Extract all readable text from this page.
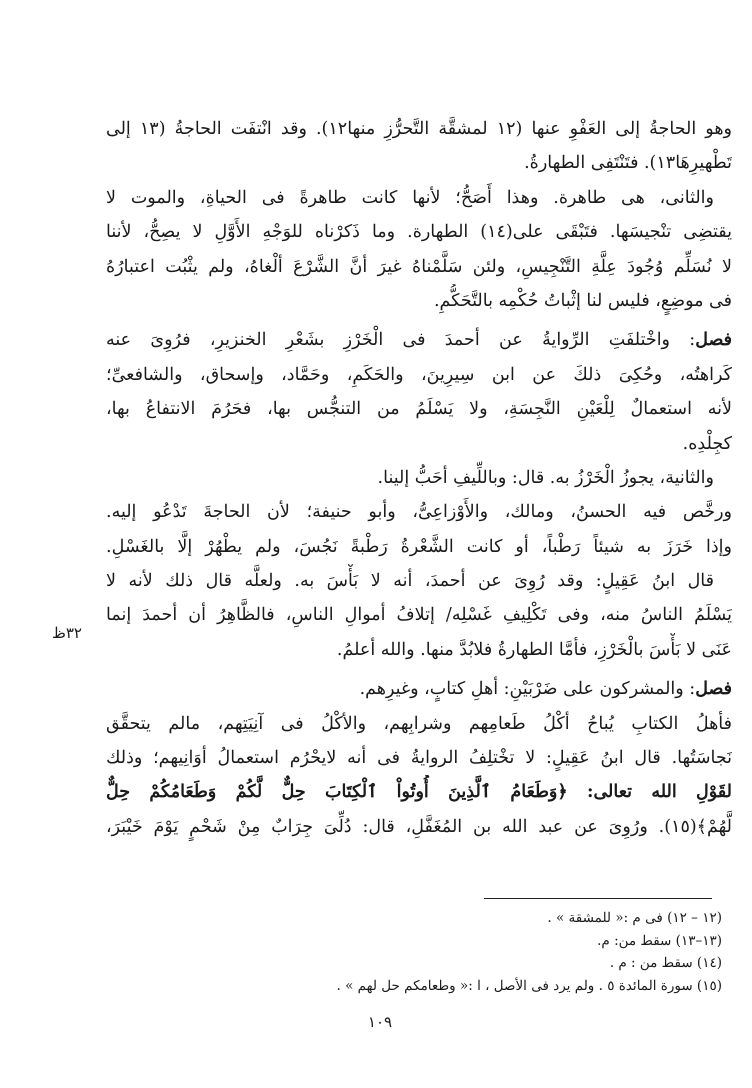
وهو الحاجةُ إلى العَفْوِ عنها (١٢ لمشقَّة التَّحرُّزِ منها١٢). وقد انْتفَت الحاجةُ (١٣ إلى
تَطْهيرِهَا١٣). فتَنْتَفِى الطهارةُ.
والثانى، هى طاهرة. وهذا أَصَحُّ؛ لأنها كانت طاهرةً فى الحياةِ، والموت لا
يقتضِى تنْجيسَها. فتَبْقَى على(١٤) الطهارة. وما ذَكرْناه للوَجْهِ الأَوَّلِ لا يصِحُّ، لأننا
لا نُسَلِّم وُجُودَ عِلَّةِ التَّنْجِيسِ، ولئن سَلَّمْناهُ غيرَ أنَّ الشَّرْعَ ألْغاهُ، ولم يثْبُت اعتبارُهُ
فى موضِعٍ، فليس لنا إثْباتُ حُكْمِه بالتَّحَكُّمِ.
فصل: واخْتلفَتِ الرِّوايةُ عن أحمدَ فى الْخَرْزِ بشَعْرِ الخنزيرِ، فرُوِىَ عنه
كَراهتُه، وحُكِىَ ذلكَ عن ابن سِيرِينَ، والحَكَمِ، وحَمَّاد، وإسحاق، والشافعىِّ؛
لأنه استعمالٌ لِلْعَيْنِ النَّجِسَةِ، ولا يَسْلَمُ من التنجُّس بها، فحَرُمَ الانتفاعُ بها،
كجِلْدِه.
والثانية، يجوزُ الْخَرْزُ به. قال: وباللِّيفِ أحَبُّ إلينا.
ورخَّص فيه الحسنُ، ومالك، والأَوْزاعِىُّ، وأبو حنيفة؛ لأن الحاجةَ تَدْعُو إليه.
وإذا خَرَزَ به شيئاً رَطْباً، أو كانت الشَّعْرةُ رَطْبةً نَجُسَ، ولم يطْهُرْ إلَّا بالغَسْلِ.
قال ابنُ عَقِيلٍ: وقد رُوِىَ عن أحمدَ، أنه لا بَأْسَ به. ولعلَّه قال ذلك لأنه لا
يَسْلَمُ الناسُ منه، وفى تَكْلِيفِ غَسْلِه/ إتلافُ أموالِ الناسِ، فالظَّاهِرُ أن أحمدَ إنما
عَنَى لا بَأْسَ بالْخَرْزِ، فأمَّا الطهارةُ فلابُدَّ منها. والله أعلمُ.
فصل: والمشركون على ضَرْبَيْنِ: أهلِ كتابٍ، وغيرِهم.
فأهلُ الكتابِ يُباحُ أكْلُ طَعامِهم وشرابِهم، والأكْلُ فى آنِيَتِهم، مالم يتحقَّق
نَجاسَتُها. قال ابنُ عَقِيلٍ: لا تخْتلِفُ الروايةُ فى أنه لايحْرُم استعمالُ أوَانِيهم؛ وذلك
لقَوْلِ الله تعالى: ﴿وَطَعَامُ ٱلَّذِينَ أُوتُواْ ٱلْكِتَابَ حِلٌّ لَّكُمْ وَطَعَامُكُمْ حِلٌّ
لَّهُمْ﴾(١٥). ورُوِىَ عن عبد الله بن المُغَفَّلِ، قال: دُلِّىَ جِرَابٌ مِنْ شَحْمٍ يَوْمَ خَيْبَرَ،
٣٢ظ
(١٢ – ١٢) فى م :« للمشقة » .
(١٣–١٣) سقط من: م.
(١٤) سقط من : م .
(١٥) سورة المائدة ٥ . ولم يرد فى الأصل ، ا :« وطعامكم حل لهم » .
١٠٩
